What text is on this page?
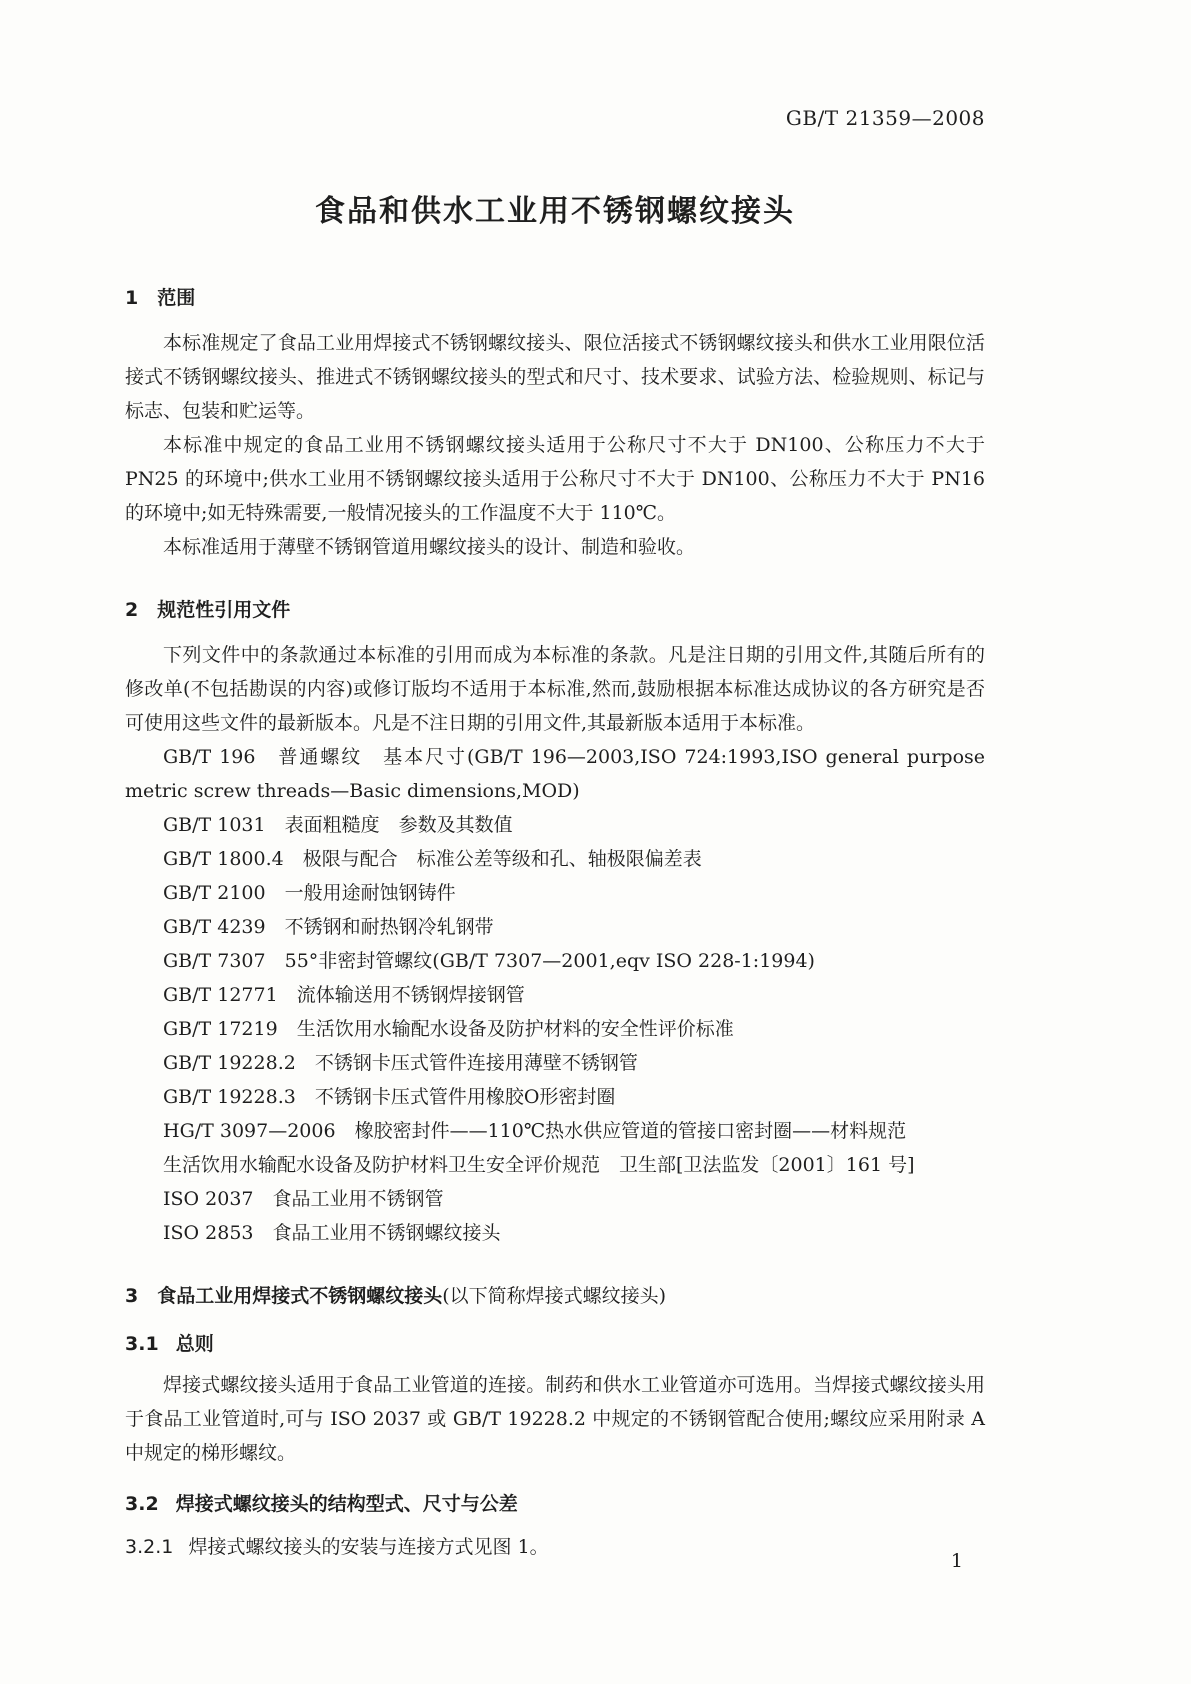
GB/T 21359—2008
食品和供水工业用不锈钢螺纹接头
1 范围

本标准规定了食品工业用焊接式不锈钢螺纹接头、限位活接式不锈钢螺纹接头和供水工业用限位活接式不锈钢螺纹接头、推进式不锈钢螺纹接头的型式和尺寸、技术要求、试验方法、检验规则、标记与标志、包装和贮运等。

本标准中规定的食品工业用不锈钢螺纹接头适用于公称尺寸不大于 DN100、公称压力不大于 PN25 的环境中;供水工业用不锈钢螺纹接头适用于公称尺寸不大于 DN100、公称压力不大于 PN16 的环境中;如无特殊需要,一般情况接头的工作温度不大于 110℃。

本标准适用于薄壁不锈钢管道用螺纹接头的设计、制造和验收。

2 规范性引用文件

下列文件中的条款通过本标准的引用而成为本标准的条款。凡是注日期的引用文件,其随后所有的修改单(不包括勘误的内容)或修订版均不适用于本标准,然而,鼓励根据本标准达成协议的各方研究是否可使用这些文件的最新版本。凡是不注日期的引用文件,其最新版本适用于本标准。

GB/T 196　普通螺纹　基本尺寸(GB/T 196—2003,ISO 724:1993,ISO general purpose metric screw threads—Basic dimensions,MOD)

GB/T 1031　表面粗糙度　参数及其数值

GB/T 1800.4　极限与配合　标准公差等级和孔、轴极限偏差表

GB/T 2100　一般用途耐蚀钢铸件

GB/T 4239　不锈钢和耐热钢冷轧钢带

GB/T 7307　55°非密封管螺纹(GB/T 7307—2001,eqv ISO 228-1:1994)

GB/T 12771　流体输送用不锈钢焊接钢管

GB/T 17219　生活饮用水输配水设备及防护材料的安全性评价标准

GB/T 19228.2　不锈钢卡压式管件连接用薄壁不锈钢管

GB/T 19228.3　不锈钢卡压式管件用橡胶O形密封圈

HG/T 3097—2006　橡胶密封件——110℃热水供应管道的管接口密封圈——材料规范

生活饮用水输配水设备及防护材料卫生安全评价规范　卫生部[卫法监发〔2001〕161 号]

ISO 2037　食品工业用不锈钢管

ISO 2853　食品工业用不锈钢螺纹接头

3 食品工业用焊接式不锈钢螺纹接头(以下简称焊接式螺纹接头)
3.1 总则

焊接式螺纹接头适用于食品工业管道的连接。制药和供水工业管道亦可选用。当焊接式螺纹接头用于食品工业管道时,可与 ISO 2037 或 GB/T 19228.2 中规定的不锈钢管配合使用;螺纹应采用附录 A 中规定的梯形螺纹。

3.2 焊接式螺纹接头的结构型式、尺寸与公差

3.2.1 焊接式螺纹接头的安装与连接方式见图 1。

1
